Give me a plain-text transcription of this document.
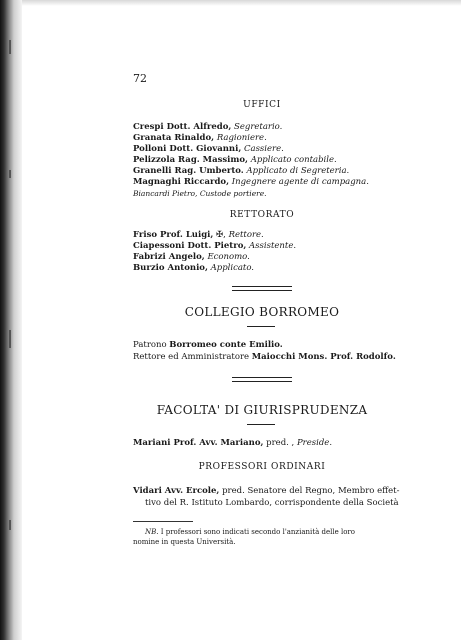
72
UFFICI
Crespi Dott. Alfredo, Segretario.
Granata Rinaldo, Ragioniere.
Polloni Dott. Giovanni, Cassiere.
Pelizzola Rag. Massimo, Applicato contabile.
Granelli Rag. Umberto. Applicato di Segreteria.
Magnaghi Riccardo, Ingegnere agente di campagna.
Biancardi Pietro, Custode portiere.
RETTORATO
Friso Prof. Luigi, ✠, Rettore.
Ciapessoni Dott. Pietro, Assistente.
Fabrizi Angelo, Economo.
Burzio Antonio, Applicato.
COLLEGIO BORROMEO
Patrono Borromeo conte Emilio.
Rettore ed Amministratore Maiocchi Mons. Prof. Rodolfo.
FACOLTA' DI GIURISPRUDENZA
Mariani Prof. Avv. Mariano, pred. , Preside.
PROFESSORI ORDINARI
Vidari Avv. Ercole, pred. Senatore del Regno, Membro effet-
tivo del R. Istituto Lombardo, corrispondente della Società
NB. I professori sono indicati secondo l'anzianità delle loro
nomine in questa Università.
